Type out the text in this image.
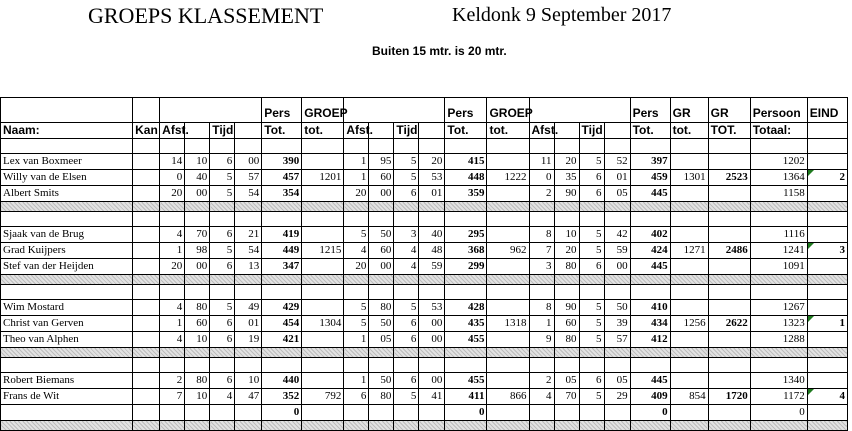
GROEPS KLASSEMENT	Keldonk 9 September 2017
Buiten 15 mtr. is 20 mtr.
						Pers	GROEP					Pers	GROEP					Pers	GR	GR	Persoon	EIND
Naam:	Kan	Afst.		Tijd		Tot.	tot.	Afst.		Tijd		Tot.	tot.	Afst.		Tijd		Tot.	tot.	TOT.	Totaal:	

Lex van Boxmeer		14	10	6	00	390		1	95	5	20	415		11	20	5	52	397			1202	
Willy van de Elsen		0	40	5	57	457	1201	1	60	5	53	448	1222	0	35	6	01	459	1301	2523	1364	2
Albert Smits		20	00	5	54	354		20	00	6	01	359		2	90	6	05	445			1158	

Sjaak van de Brug		4	70	6	21	419		5	50	3	40	295		8	10	5	42	402			1116	
Grad Kuijpers		1	98	5	54	449	1215	4	60	4	48	368	962	7	20	5	59	424	1271	2486	1241	3
Stef van der Heijden		20	00	6	13	347		20	00	4	59	299		3	80	6	00	445			1091	

Wim Mostard		4	80	5	49	429		5	80	5	53	428		8	90	5	50	410			1267	
Christ van Gerven		1	60	6	01	454	1304	5	50	6	00	435	1318	1	60	5	39	434	1256	2622	1323	1
Theo van Alphen		4	10	6	19	421		1	05	6	00	455		9	80	5	57	412			1288	

Robert Biemans		2	80	6	10	440		1	50	6	00	455		2	05	6	05	445			1340	
Frans de Wit		7	10	4	47	352	792	6	80	5	41	411	866	4	70	5	29	409	854	1720	1172	4
						0						0						0			0	
